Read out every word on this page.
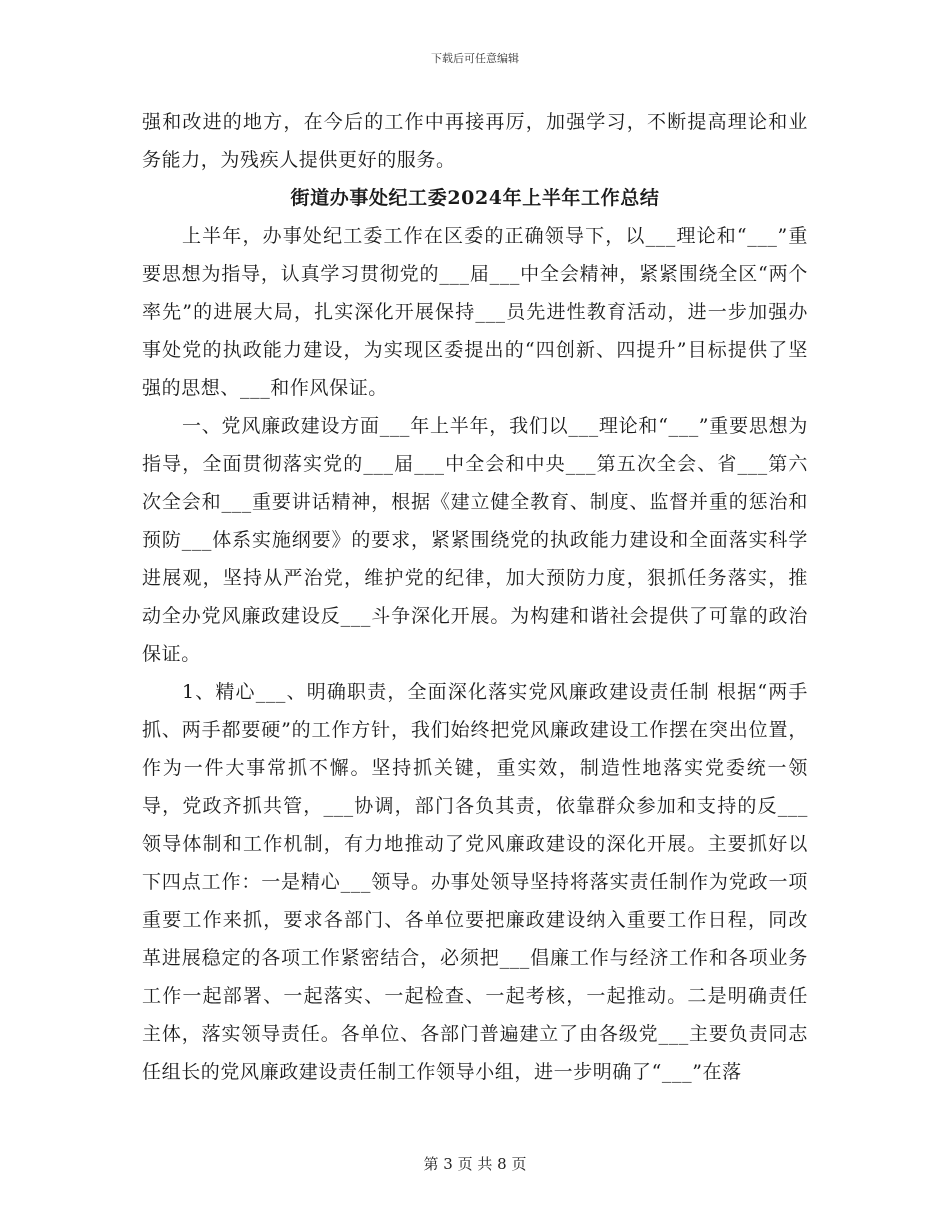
下载后可任意编辑

强和改进的地方，在今后的工作中再接再厉，加强学习，不断提高理论和业务能力，为残疾人提供更好的服务。

街道办事处纪工委2024年上半年工作总结

上半年，办事处纪工委工作在区委的正确领导下，以___理论和“___”重要思想为指导，认真学习贯彻党的___届___中全会精神，紧紧围绕全区“两个率先”的进展大局，扎实深化开展保持___员先进性教育活动，进一步加强办事处党的执政能力建设，为实现区委提出的“四创新、四提升”目标提供了坚强的思想、___和作风保证。

一、党风廉政建设方面___年上半年，我们以___理论和“___”重要思想为指导，全面贯彻落实党的___届___中全会和中央___第五次全会、省___第六次全会和___重要讲话精神，根据《建立健全教育、制度、监督并重的惩治和预防___体系实施纲要》的要求，紧紧围绕党的执政能力建设和全面落实科学进展观，坚持从严治党，维护党的纪律，加大预防力度，狠抓任务落实，推动全办党风廉政建设反___斗争深化开展。为构建和谐社会提供了可靠的政治保证。

1、精心___、明确职责，全面深化落实党风廉政建设责任制 根据“两手抓、两手都要硬”的工作方针，我们始终把党风廉政建设工作摆在突出位置，作为一件大事常抓不懈。坚持抓关键，重实效，制造性地落实党委统一领导，党政齐抓共管，___协调，部门各负其责，依靠群众参加和支持的反___领导体制和工作机制，有力地推动了党风廉政建设的深化开展。主要抓好以下四点工作：一是精心___领导。办事处领导坚持将落实责任制作为党政一项重要工作来抓，要求各部门、各单位要把廉政建设纳入重要工作日程，同改革进展稳定的各项工作紧密结合，必须把___倡廉工作与经济工作和各项业务工作一起部署、一起落实、一起检查、一起考核，一起推动。二是明确责任主体，落实领导责任。各单位、各部门普遍建立了由各级党___主要负责同志任组长的党风廉政建设责任制工作领导小组，进一步明确了“___”在落

第 3 页 共 8 页
